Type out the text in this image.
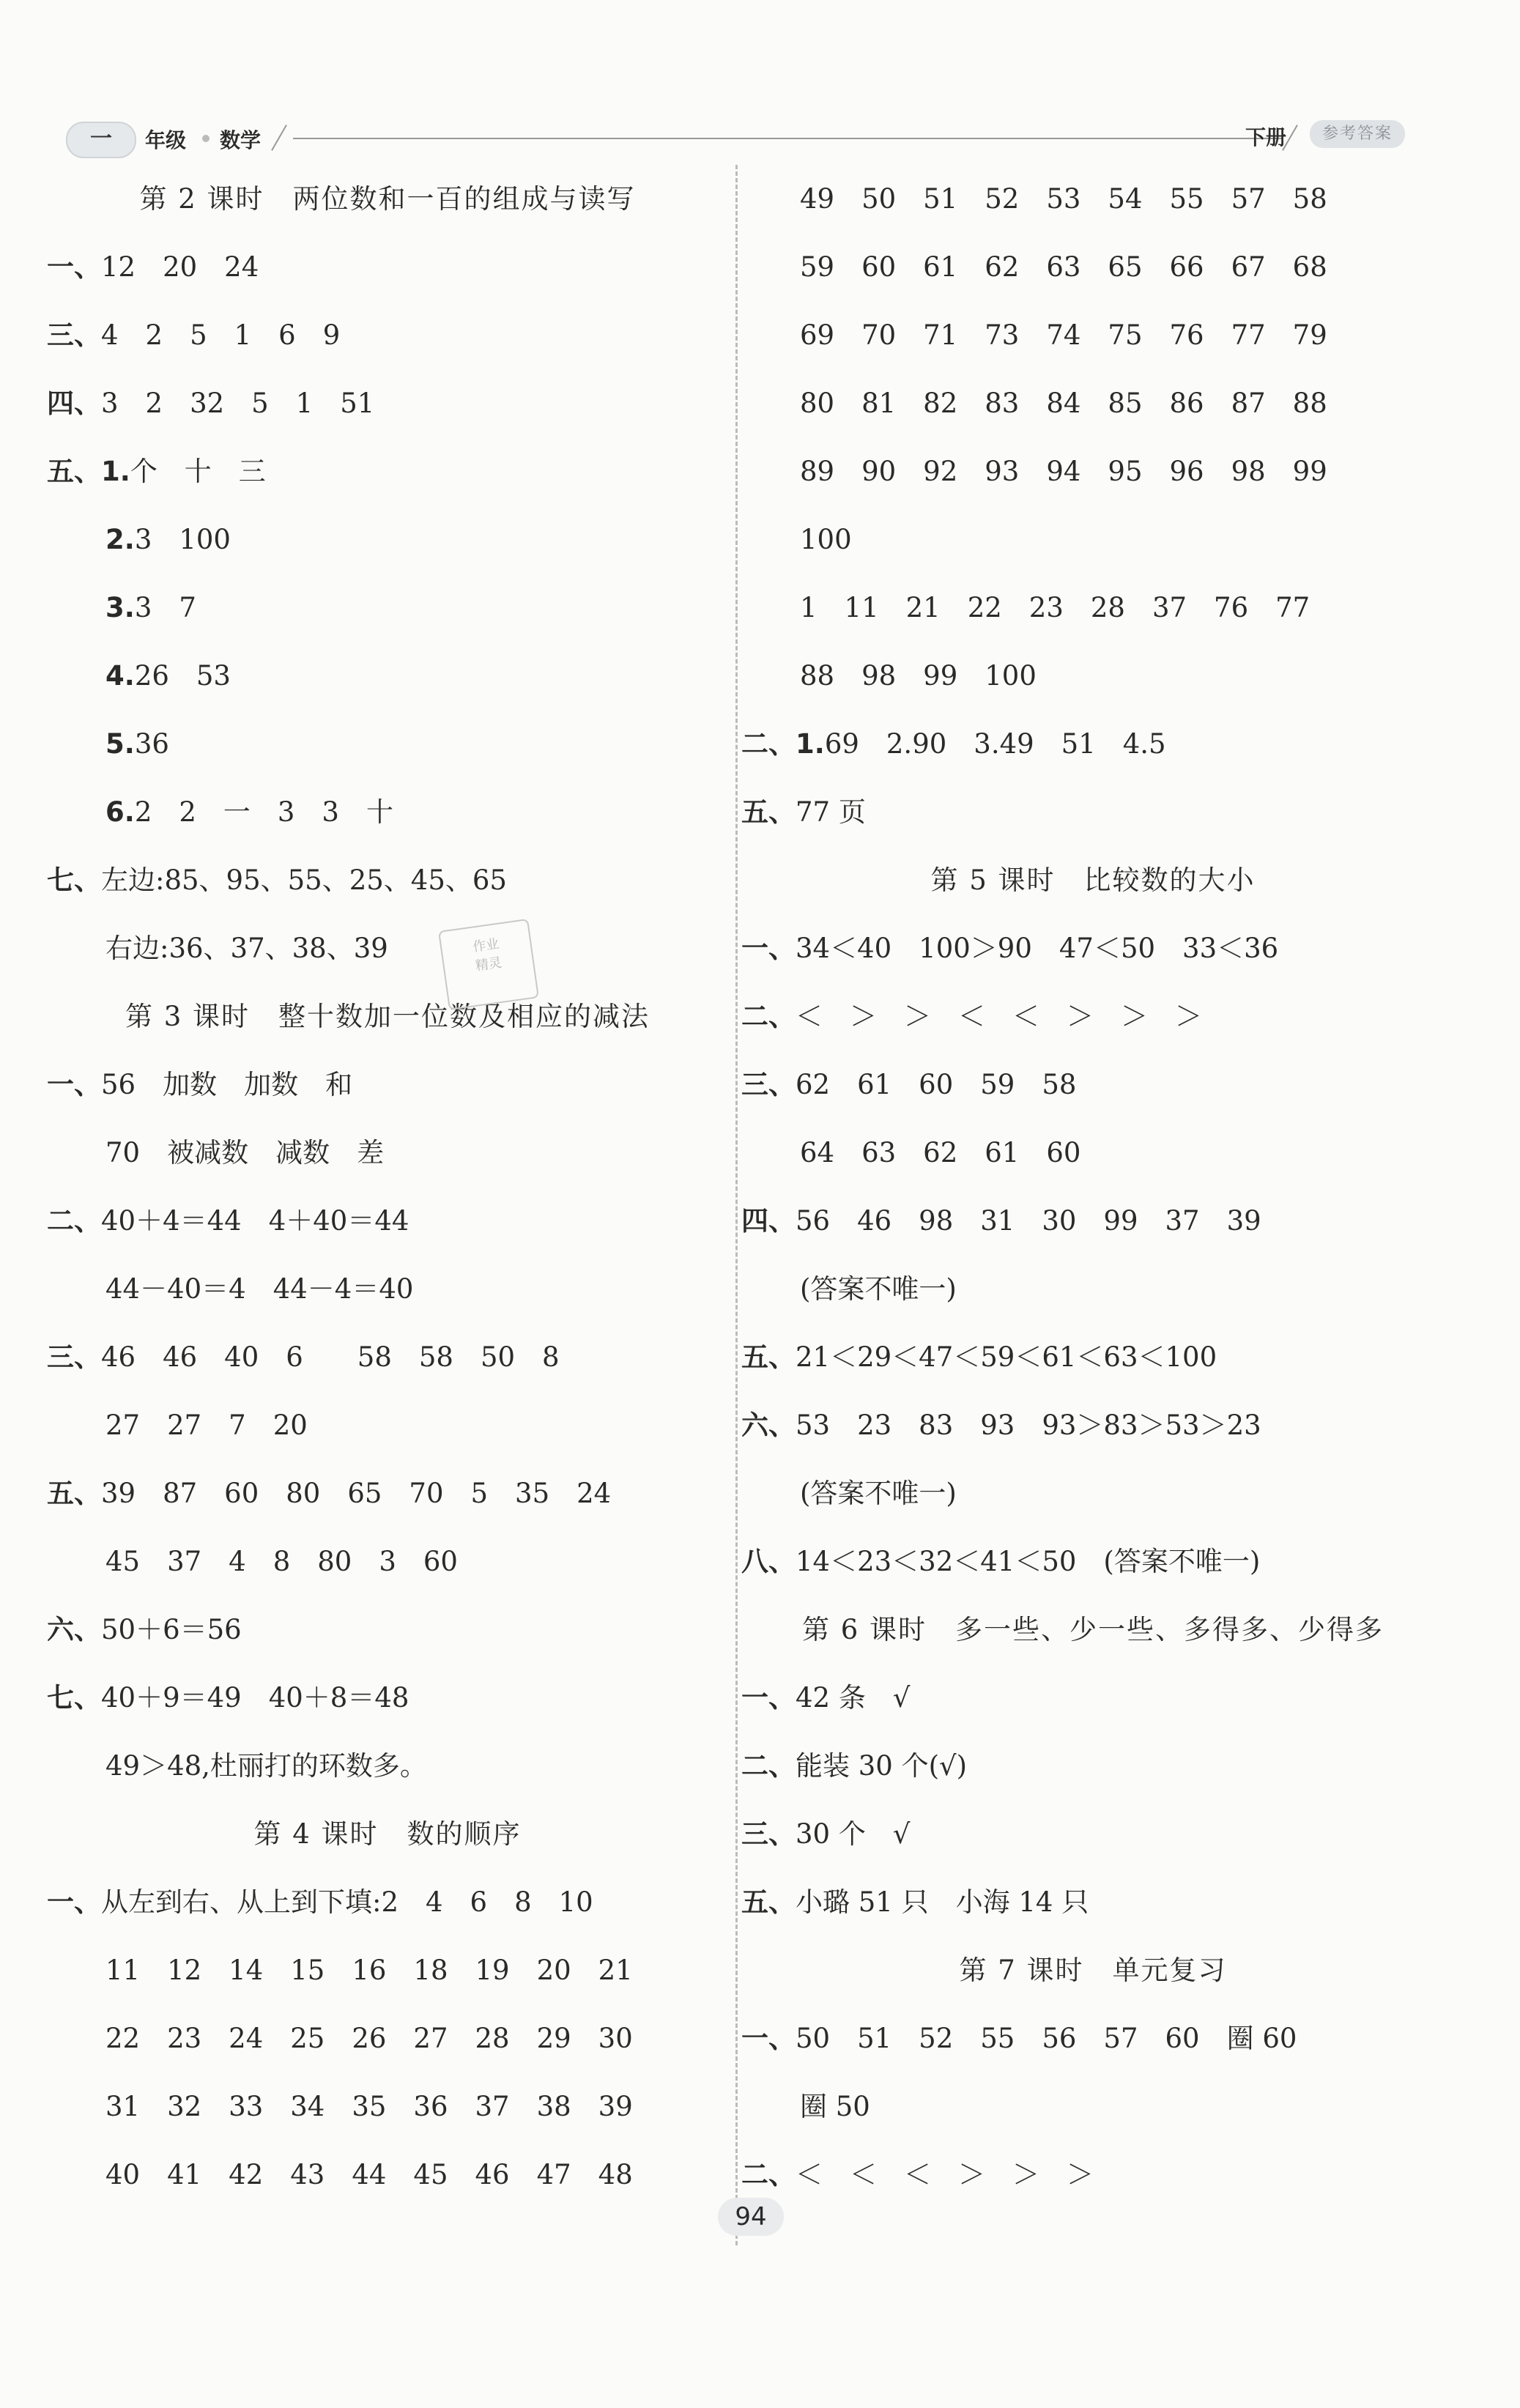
一	年级 数学	下册	参考答案
第 2 课时　两位数和一百的组成与读写
一、12　20　24
三、4　2　5　1　6　9
四、3　2　32　5　1　51
五、1.个　十　三
2.3　100
3.3　7
4.26　53
5.36
6.2　2　一　3　3　十
七、左边:85、95、55、25、45、65
右边:36、37、38、39
第 3 课时　整十数加一位数及相应的减法
一、56　加数　加数　和
70　被减数　减数　差
二、40＋4＝44　4＋40＝44
44－40＝4　44－4＝40
三、46　46　40　6　　58　58　50　8
27　27　7　20
五、39　87　60　80　65　70　5　35　24
45　37　4　8　80　3　60
六、50＋6＝56
七、40＋9＝49　40＋8＝48
49＞48,杜丽打的环数多。
第 4 课时　数的顺序
一、从左到右、从上到下填:2　4　6　8　10
11　12　14　15　16　18　19　20　21
22　23　24　25　26　27　28　29　30
31　32　33　34　35　36　37　38　39
40　41　42　43　44　45　46　47　48
49　50　51　52　53　54　55　57　58
59　60　61　62　63　65　66　67　68
69　70　71　73　74　75　76　77　79
80　81　82　83　84　85　86　87　88
89　90　92　93　94　95　96　98　99
100
1　11　21　22　23　28　37　76　77
88　98　99　100
二、1.69　2.90　3.49　51　4.5
五、77 页
第 5 课时　比较数的大小
一、34＜40　100＞90　47＜50　33＜36
二、＜　＞　＞　＜　＜　＞　＞　＞
三、62　61　60　59　58
64　63　62　61　60
四、56　46　98　31　30　99　37　39
(答案不唯一)
五、21＜29＜47＜59＜61＜63＜100
六、53　23　83　93　93＞83＞53＞23
(答案不唯一)
八、14＜23＜32＜41＜50　(答案不唯一)
第 6 课时　多一些、少一些、多得多、少得多
一、42 条　√
二、能装 30 个(√)
三、30 个　√
五、小璐 51 只　小海 14 只
第 7 课时　单元复习
一、50　51　52　55　56　57　60　圈 60
圈 50
二、＜　＜　＜　＞　＞　＞
作业
精灵
94
